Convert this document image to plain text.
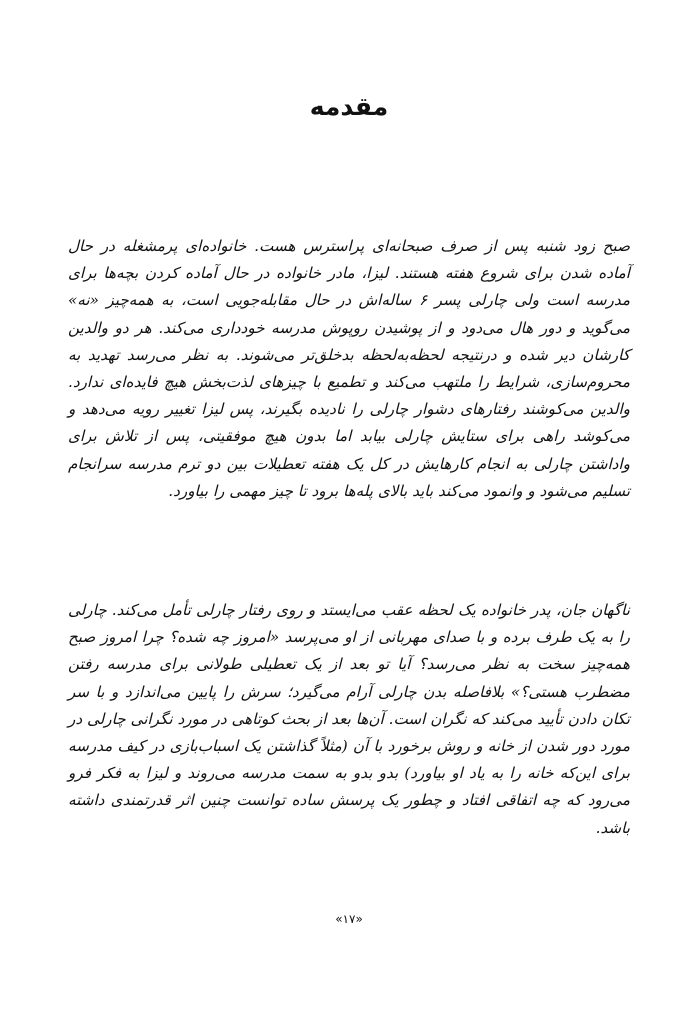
مقدمه

صبح زود شنبه پس از صرف صبحانه‌ای پراسترس هست. خانواده‌ای پرمشغله در حال آماده شدن برای شروع هفته هستند. لیزا، مادر خانواده در حال آماده کردن بچه‌ها برای مدرسه است ولی چارلی پسر ۶ ساله‌اش در حال مقابله‌جویی است، به همه‌چیز «نه» می‌گوید و دور هال می‌دود و از پوشیدن روپوش مدرسه خودداری می‌کند. هر دو والدین کارشان دیر شده و درنتیجه لحظه‌به‌لحظه بدخلق‌تر می‌شوند. به نظر می‌رسد تهدید به محروم‌سازی، شرایط را ملتهب می‌کند و تطمیع با چیزهای لذت‌بخش هیچ فایده‌ای ندارد. والدین می‌کوشند رفتارهای دشوار چارلی را نادیده بگیرند، پس لیزا تغییر رویه می‌دهد و می‌کوشد راهی برای ستایش چارلی بیابد اما بدون هیچ موفقیتی، پس از تلاش برای واداشتن چارلی به انجام کارهایش در کل یک هفته تعطیلات بین دو ترم مدرسه سرانجام تسلیم می‌شود و وانمود می‌کند باید بالای پله‌ها برود تا چیز مهمی را بیاورد.

ناگهان جان، پدر خانواده یک لحظه عقب می‌ایستد و روی رفتار چارلی تأمل می‌کند. چارلی را به یک طرف برده و با صدای مهربانی از او می‌پرسد «امروز چه شده؟ چرا امروز صبح همه‌چیز سخت به نظر می‌رسد؟ آیا تو بعد از یک تعطیلی طولانی برای مدرسه رفتن مضطرب هستی؟» بلافاصله بدن چارلی آرام می‌گیرد؛ سرش را پایین می‌اندازد و با سر تکان دادن تأیید می‌کند که نگران است. آن‌ها بعد از بحث کوتاهی در مورد نگرانی چارلی در مورد دور شدن از خانه و روش برخورد با آن (مثلاً گذاشتن یک اسباب‌بازی در کیف مدرسه برای این‌که خانه را به یاد او بیاورد) بدو بدو به سمت مدرسه می‌روند و لیزا به فکر فرو می‌رود که چه اتفاقی افتاد و چطور یک پرسش ساده توانست چنین اثر قدرتمندی داشته باشد.

«۱۷»
